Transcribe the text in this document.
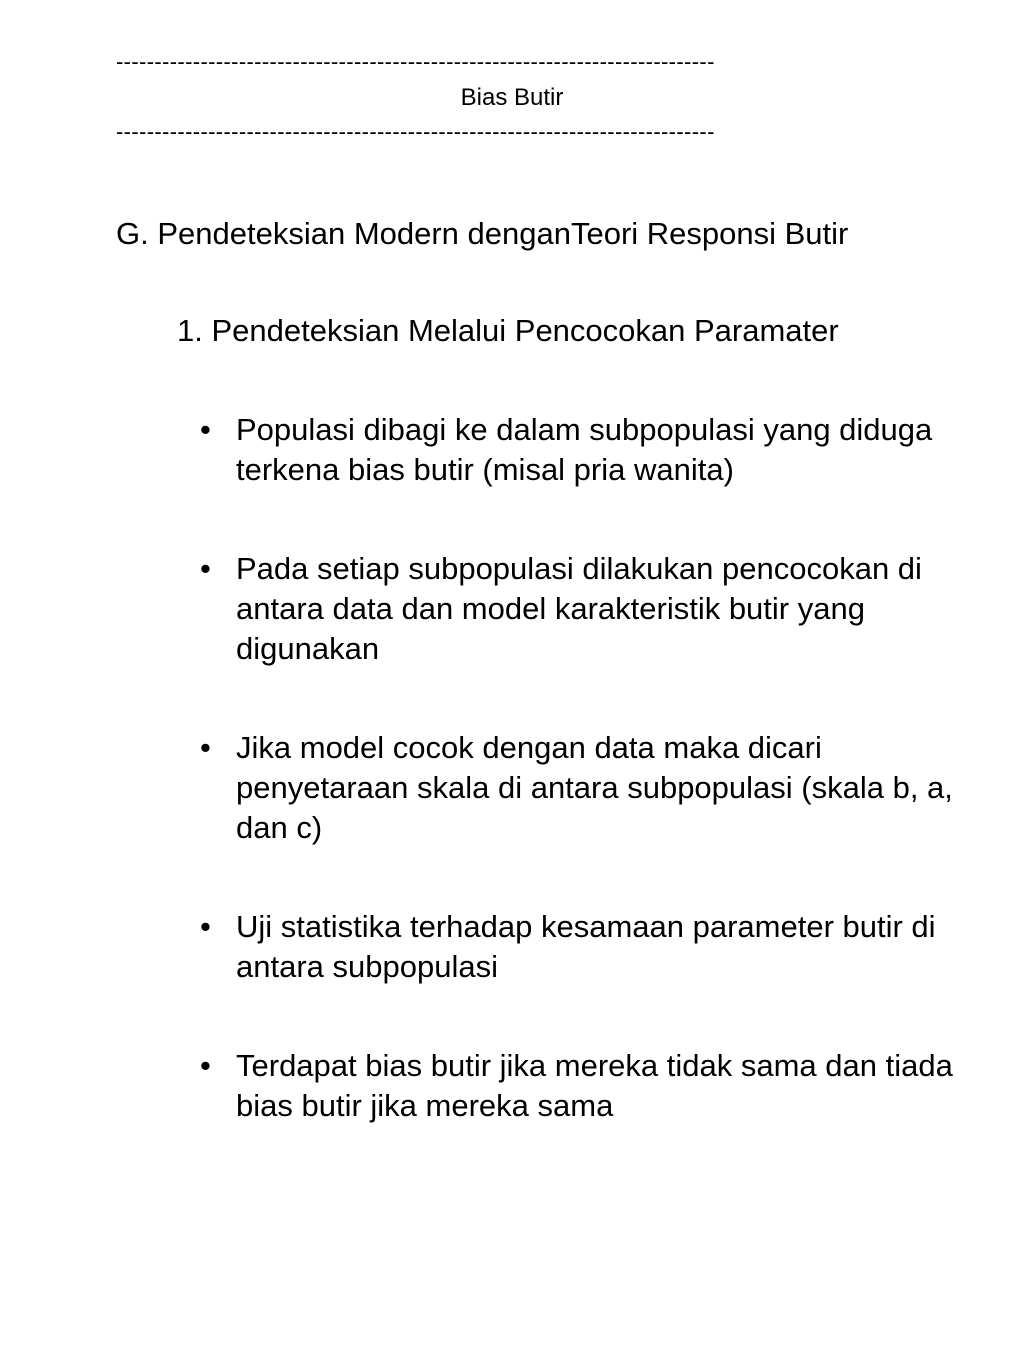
------------------------------------------------------------------------------
Bias Butir
------------------------------------------------------------------------------
G. Pendeteksian Modern denganTeori Responsi Butir
1. Pendeteksian Melalui Pencocokan Paramater
• Populasi dibagi ke dalam subpopulasi yang diduga terkena bias butir (misal pria wanita)
• Pada setiap subpopulasi dilakukan pencocokan di antara data dan model karakteristik butir yang digunakan
• Jika model cocok dengan data maka dicari penyetaraan skala di antara subpopulasi (skala b, a, dan c)
• Uji statistika terhadap kesamaan parameter butir di antara subpopulasi
• Terdapat bias butir jika mereka tidak sama dan tiada bias butir jika mereka sama
